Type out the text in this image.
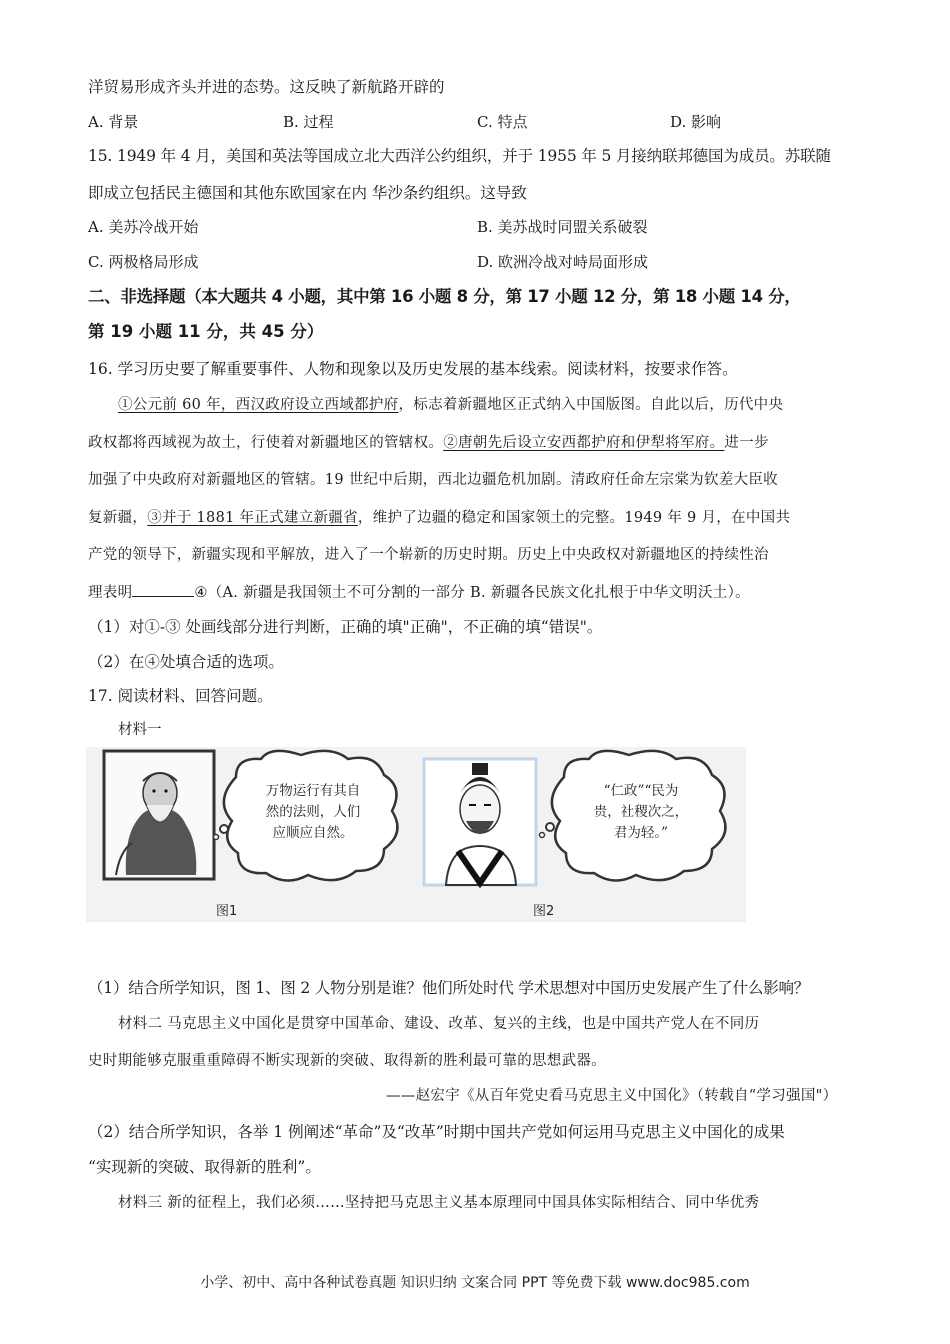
洋贸易形成齐头并进的态势。这反映了新航路开辟的
A. 背景	B. 过程	C. 特点	D. 影响
15. 1949 年 4 月，美国和英法等国成立北大西洋公约组织，并于 1955 年 5 月接纳联邦德国为成员。苏联随
即成立包括民主德国和其他东欧国家在内 华沙条约组织。这导致
A. 美苏冷战开始	B. 美苏战时同盟关系破裂
C. 两极格局形成	D. 欧洲冷战对峙局面形成
二、非选择题（本大题共 4 小题，其中第 16 小题 8 分，第 17 小题 12 分，第 18 小题 14 分，
第 19 小题 11 分，共 45 分）
16. 学习历史要了解重要事件、人物和现象以及历史发展的基本线索。阅读材料，按要求作答。
①公元前 60 年，西汉政府设立西域都护府，标志着新疆地区正式纳入中国版图。自此以后，历代中央
政权都将西域视为故土，行使着对新疆地区的管辖权。②唐朝先后设立安西都护府和伊犁将军府。进一步
加强了中央政府对新疆地区的管辖。19 世纪中后期，西北边疆危机加剧。清政府任命左宗棠为钦差大臣收
复新疆，③并于 1881 年正式建立新疆省，维护了边疆的稳定和国家领土的完整。1949 年 9 月，在中国共
产党的领导下，新疆实现和平解放，进入了一个崭新的历史时期。历史上中央政权对新疆地区的持续性治
理表明	④（A. 新疆是我国领土不可分割的一部分 B. 新疆各民族文化扎根于中华文明沃土）。
（1）对①-③ 处画线部分进行判断，正确的填"正确"，不正确的填“错误"。
（2）在④处填合适的选项。
17. 阅读材料、回答问题。
材料一
万物运行有其自
然的法则，人们
应顺应自然。
“仁政”“民为
贵，社稷次之，
君为轻。”
图1	图2
（1）结合所学知识，图 1、图 2 人物分别是谁？他们所处时代 学术思想对中国历史发展产生了什么影响？
材料二 马克思主义中国化是贯穿中国革命、建设、改革、复兴的主线，也是中国共产党人在不同历
史时期能够克服重重障碍不断实现新的突破、取得新的胜利最可靠的思想武器。
——赵宏宇《从百年党史看马克思主义中国化》（转载自“学习强国"）
（2）结合所学知识，各举 1 例阐述“革命”及“改革”时期中国共产党如何运用马克思主义中国化的成果
“实现新的突破、取得新的胜利”。
材料三 新的征程上，我们必须……坚持把马克思主义基本原理同中国具体实际相结合、同中华优秀
小学、初中、高中各种试卷真题 知识归纳 文案合同 PPT 等免费下载 www.doc985.com
